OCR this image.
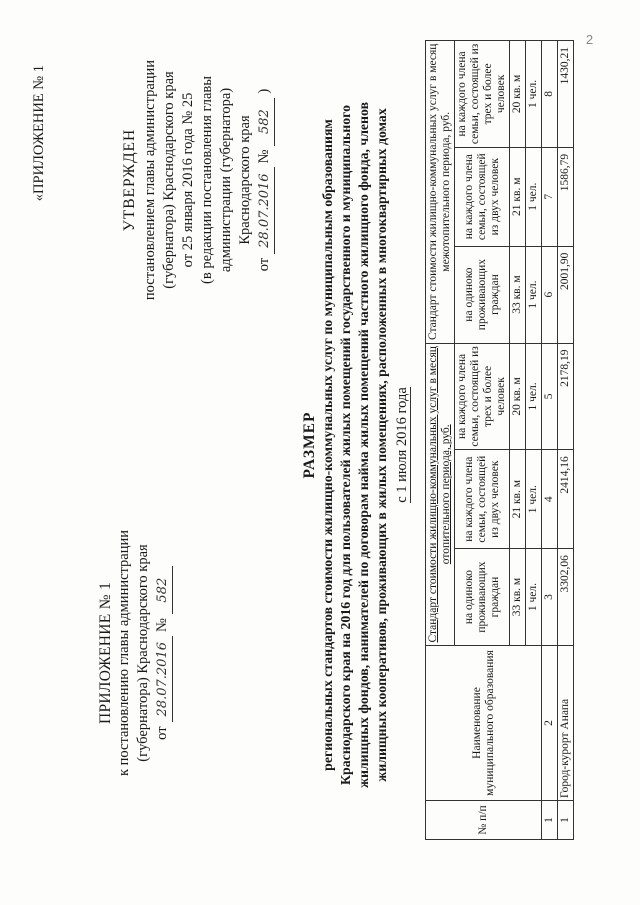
2
ПРИЛОЖЕНИЕ № 1 к постановлению главы администрации (губернатора) Краснодарского края от
28.07.2016
№
582
«ПРИЛОЖЕНИЕ № 1	УТВЕРЖДЕН постановлением главы администрации (губернатора) Краснодарского края от 25 января 2016 года № 25 (в редакции постановления главы администрации (губернатора) Краснодарского края
от
28.07.2016
№
582
)
РАЗМЕР региональных стандартов стоимости жилищно-коммунальных услуг по муниципальным образованиям Краснодарского края на 2016 год для пользователей жилых помещений государственного и муниципального жилищных фондов, нанимателей по договорам найма жилых помещений частного жилищного фонда, членов жилищных кооперативов, проживающих в жилых помещениях, расположенных в многоквартирных домах с 1 июля 2016 года
№ п/п	Наименование муниципального образования	Стандарт стоимости жилищно-коммунальных услуг в месяц отопительного периода, руб.			Стандарт стоимости жилищно-коммунальных услуг в месяц межотопительного периода, руб.		
		на одиноко проживающих граждан	на каждого члена семьи, состоящей из двух человек	на каждого члена семьи, состоящей из трех и более человек	на одиноко проживающих граждан	на каждого члена семьи, состоящей из двух человек	на каждого члена семьи, состоящей из трех и более человек
		33 кв. м	21 кв. м	20 кв. м	33 кв. м	21 кв. м	20 кв. м
		1 чел.	1 чел.	1 чел.	1 чел.	1 чел.	1 чел.
1	2	3	4	5	6	7	8
1	Город-курорт Анапа	3302,06	2414,16	2178,19	2001,90	1586,79	1430,21
